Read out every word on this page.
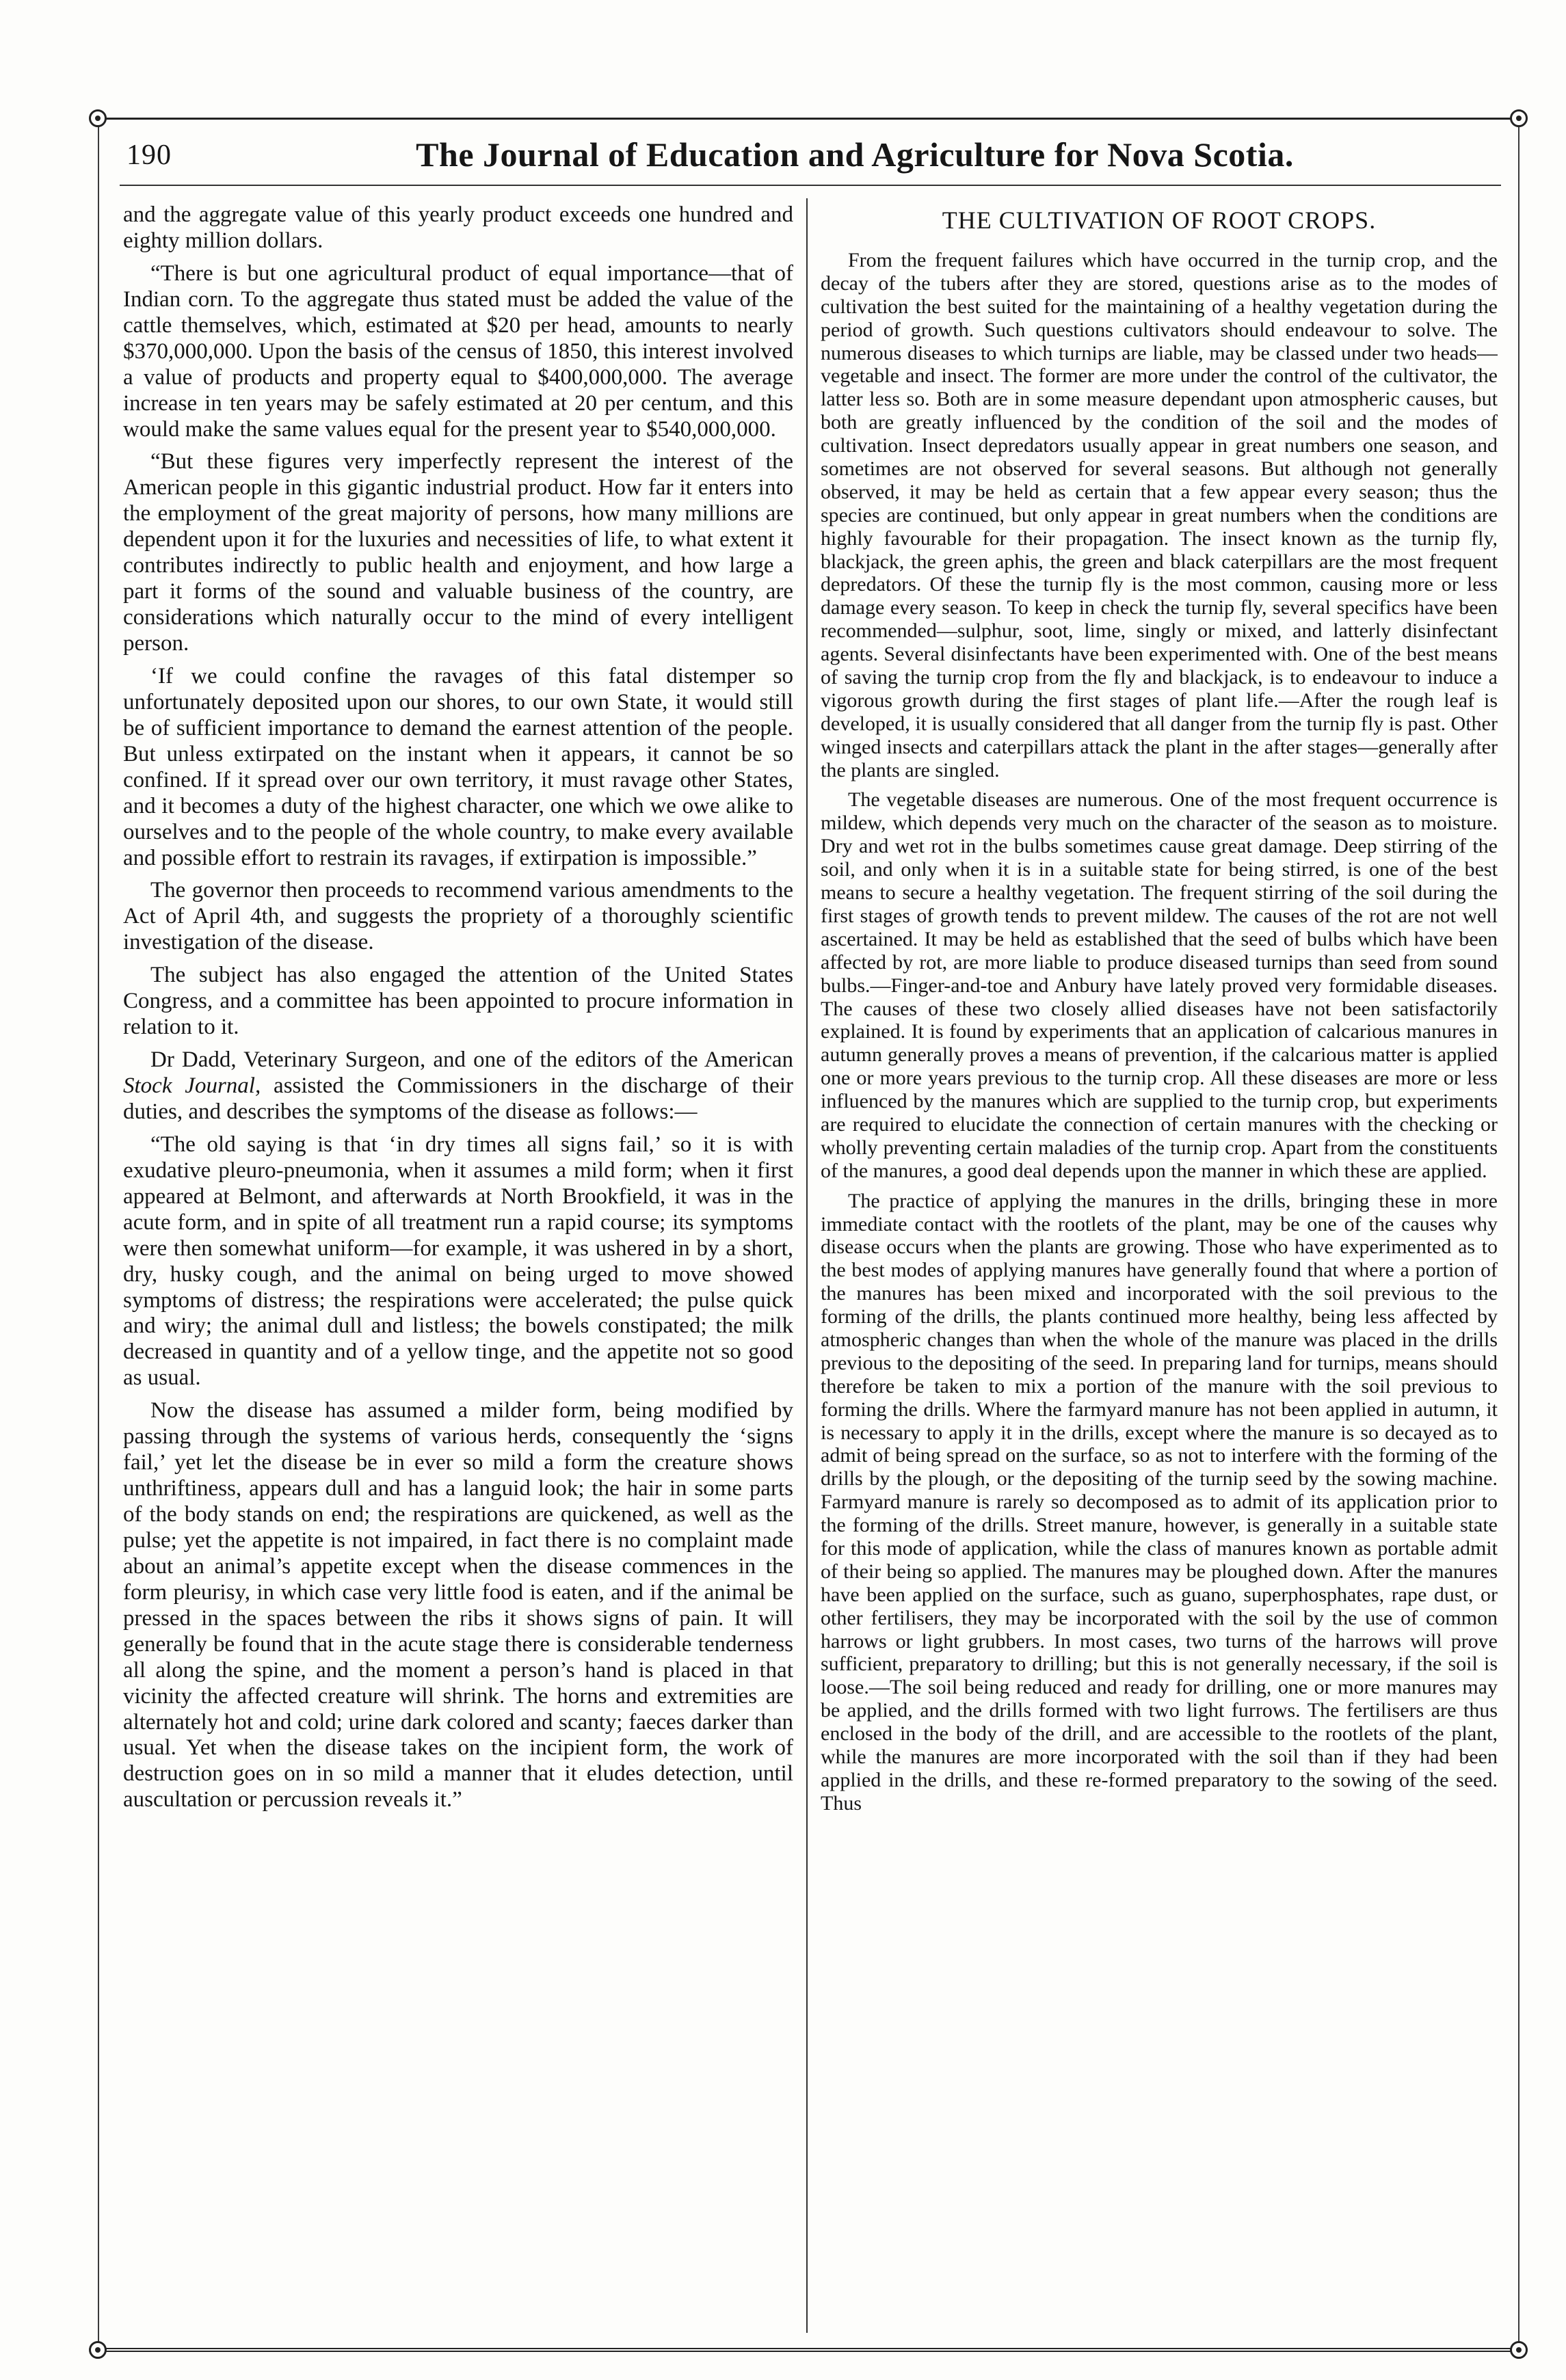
190	The Journal of Education and Agriculture for Nova Scotia.

and the aggregate value of this yearly product exceeds one hundred and eighty million dollars.

“There is but one agricultural product of equal importance—that of Indian corn. To the aggregate thus stated must be added the value of the cattle themselves, which, estimated at $20 per head, amounts to nearly $370,000,000. Upon the basis of the census of 1850, this interest involved a value of products and property equal to $400,000,000. The average increase in ten years may be safely estimated at 20 per centum, and this would make the same values equal for the present year to $540,000,000.

“But these figures very imperfectly represent the interest of the American people in this gigantic industrial product. How far it enters into the employment of the great majority of persons, how many millions are dependent upon it for the luxuries and necessities of life, to what extent it contributes indirectly to public health and enjoyment, and how large a part it forms of the sound and valuable business of the country, are considerations which naturally occur to the mind of every intelligent person.

‘If we could confine the ravages of this fatal distemper so unfortunately deposited upon our shores, to our own State, it would still be of sufficient importance to demand the earnest attention of the people. But unless extirpated on the instant when it appears, it cannot be so confined. If it spread over our own territory, it must ravage other States, and it becomes a duty of the highest character, one which we owe alike to ourselves and to the people of the whole country, to make every available and possible effort to restrain its ravages, if extirpation is impossible.”

The governor then proceeds to recommend various amendments to the Act of April 4th, and suggests the propriety of a thoroughly scientific investigation of the disease.

The subject has also engaged the attention of the United States Congress, and a committee has been appointed to procure information in relation to it.

Dr Dadd, Veterinary Surgeon, and one of the editors of the American Stock Journal, assisted the Commissioners in the discharge of their duties, and describes the symptoms of the disease as follows:—

“The old saying is that ‘in dry times all signs fail,’ so it is with exudative pleuro-pneumonia, when it assumes a mild form; when it first appeared at Belmont, and afterwards at North Brookfield, it was in the acute form, and in spite of all treatment run a rapid course; its symptoms were then somewhat uniform—for example, it was ushered in by a short, dry, husky cough, and the animal on being urged to move showed symptoms of distress; the respirations were accelerated; the pulse quick and wiry; the animal dull and listless; the bowels constipated; the milk decreased in quantity and of a yellow tinge, and the appetite not so good as usual.

Now the disease has assumed a milder form, being modified by passing through the systems of various herds, consequently the ‘signs fail,’ yet let the disease be in ever so mild a form the creature shows unthriftiness, appears dull and has a languid look; the hair in some parts of the body stands on end; the respirations are quickened, as well as the pulse; yet the appetite is not impaired, in fact there is no complaint made about an animal’s appetite except when the disease commences in the form pleurisy, in which case very little food is eaten, and if the animal be pressed in the spaces between the ribs it shows signs of pain. It will generally be found that in the acute stage there is considerable tenderness all along the spine, and the moment a person’s hand is placed in that vicinity the affected creature will shrink. The horns and extremities are alternately hot and cold; urine dark colored and scanty; faeces darker than usual. Yet when the disease takes on the incipient form, the work of destruction goes on in so mild a manner that it eludes detection, until auscultation or percussion reveals it.”

THE CULTIVATION OF ROOT CROPS.

From the frequent failures which have occurred in the turnip crop, and the decay of the tubers after they are stored, questions arise as to the modes of cultivation the best suited for the maintaining of a healthy vegetation during the period of growth. Such questions cultivators should endeavour to solve. The numerous diseases to which turnips are liable, may be classed under two heads—vegetable and insect. The former are more under the control of the cultivator, the latter less so. Both are in some measure dependant upon atmospheric causes, but both are greatly influenced by the condition of the soil and the modes of cultivation. Insect depredators usually appear in great numbers one season, and sometimes are not observed for several seasons. But although not generally observed, it may be held as certain that a few appear every season; thus the species are continued, but only appear in great numbers when the conditions are highly favourable for their propagation. The insect known as the turnip fly, blackjack, the green aphis, the green and black caterpillars are the most frequent depredators. Of these the turnip fly is the most common, causing more or less damage every season. To keep in check the turnip fly, several specifics have been recommended—sulphur, soot, lime, singly or mixed, and latterly disinfectant agents. Several disinfectants have been experimented with. One of the best means of saving the turnip crop from the fly and blackjack, is to endeavour to induce a vigorous growth during the first stages of plant life.—After the rough leaf is developed, it is usually considered that all danger from the turnip fly is past. Other winged insects and caterpillars attack the plant in the after stages—generally after the plants are singled.

The vegetable diseases are numerous. One of the most frequent occurrence is mildew, which depends very much on the character of the season as to moisture. Dry and wet rot in the bulbs sometimes cause great damage. Deep stirring of the soil, and only when it is in a suitable state for being stirred, is one of the best means to secure a healthy vegetation. The frequent stirring of the soil during the first stages of growth tends to prevent mildew. The causes of the rot are not well ascertained. It may be held as established that the seed of bulbs which have been affected by rot, are more liable to produce diseased turnips than seed from sound bulbs.—Finger-and-toe and Anbury have lately proved very formidable diseases. The causes of these two closely allied diseases have not been satisfactorily explained. It is found by experiments that an application of calcarious manures in autumn generally proves a means of prevention, if the calcarious matter is applied one or more years previous to the turnip crop. All these diseases are more or less influenced by the manures which are supplied to the turnip crop, but experiments are required to elucidate the connection of certain manures with the checking or wholly preventing certain maladies of the turnip crop. Apart from the constituents of the manures, a good deal depends upon the manner in which these are applied.

The practice of applying the manures in the drills, bringing these in more immediate contact with the rootlets of the plant, may be one of the causes why disease occurs when the plants are growing. Those who have experimented as to the best modes of applying manures have generally found that where a portion of the manures has been mixed and incorporated with the soil previous to the forming of the drills, the plants continued more healthy, being less affected by atmospheric changes than when the whole of the manure was placed in the drills previous to the depositing of the seed. In preparing land for turnips, means should therefore be taken to mix a portion of the manure with the soil previous to forming the drills. Where the farmyard manure has not been applied in autumn, it is necessary to apply it in the drills, except where the manure is so decayed as to admit of being spread on the surface, so as not to interfere with the forming of the drills by the plough, or the depositing of the turnip seed by the sowing machine. Farmyard manure is rarely so decomposed as to admit of its application prior to the forming of the drills. Street manure, however, is generally in a suitable state for this mode of application, while the class of manures known as portable admit of their being so applied. The manures may be ploughed down. After the manures have been applied on the surface, such as guano, superphosphates, rape dust, or other fertilisers, they may be incorporated with the soil by the use of common harrows or light grubbers. In most cases, two turns of the harrows will prove sufficient, preparatory to drilling; but this is not generally necessary, if the soil is loose.—The soil being reduced and ready for drilling, one or more manures may be applied, and the drills formed with two light furrows. The fertilisers are thus enclosed in the body of the drill, and are accessible to the rootlets of the plant, while the manures are more incorporated with the soil than if they had been applied in the drills, and these re-formed preparatory to the sowing of the seed. Thus
